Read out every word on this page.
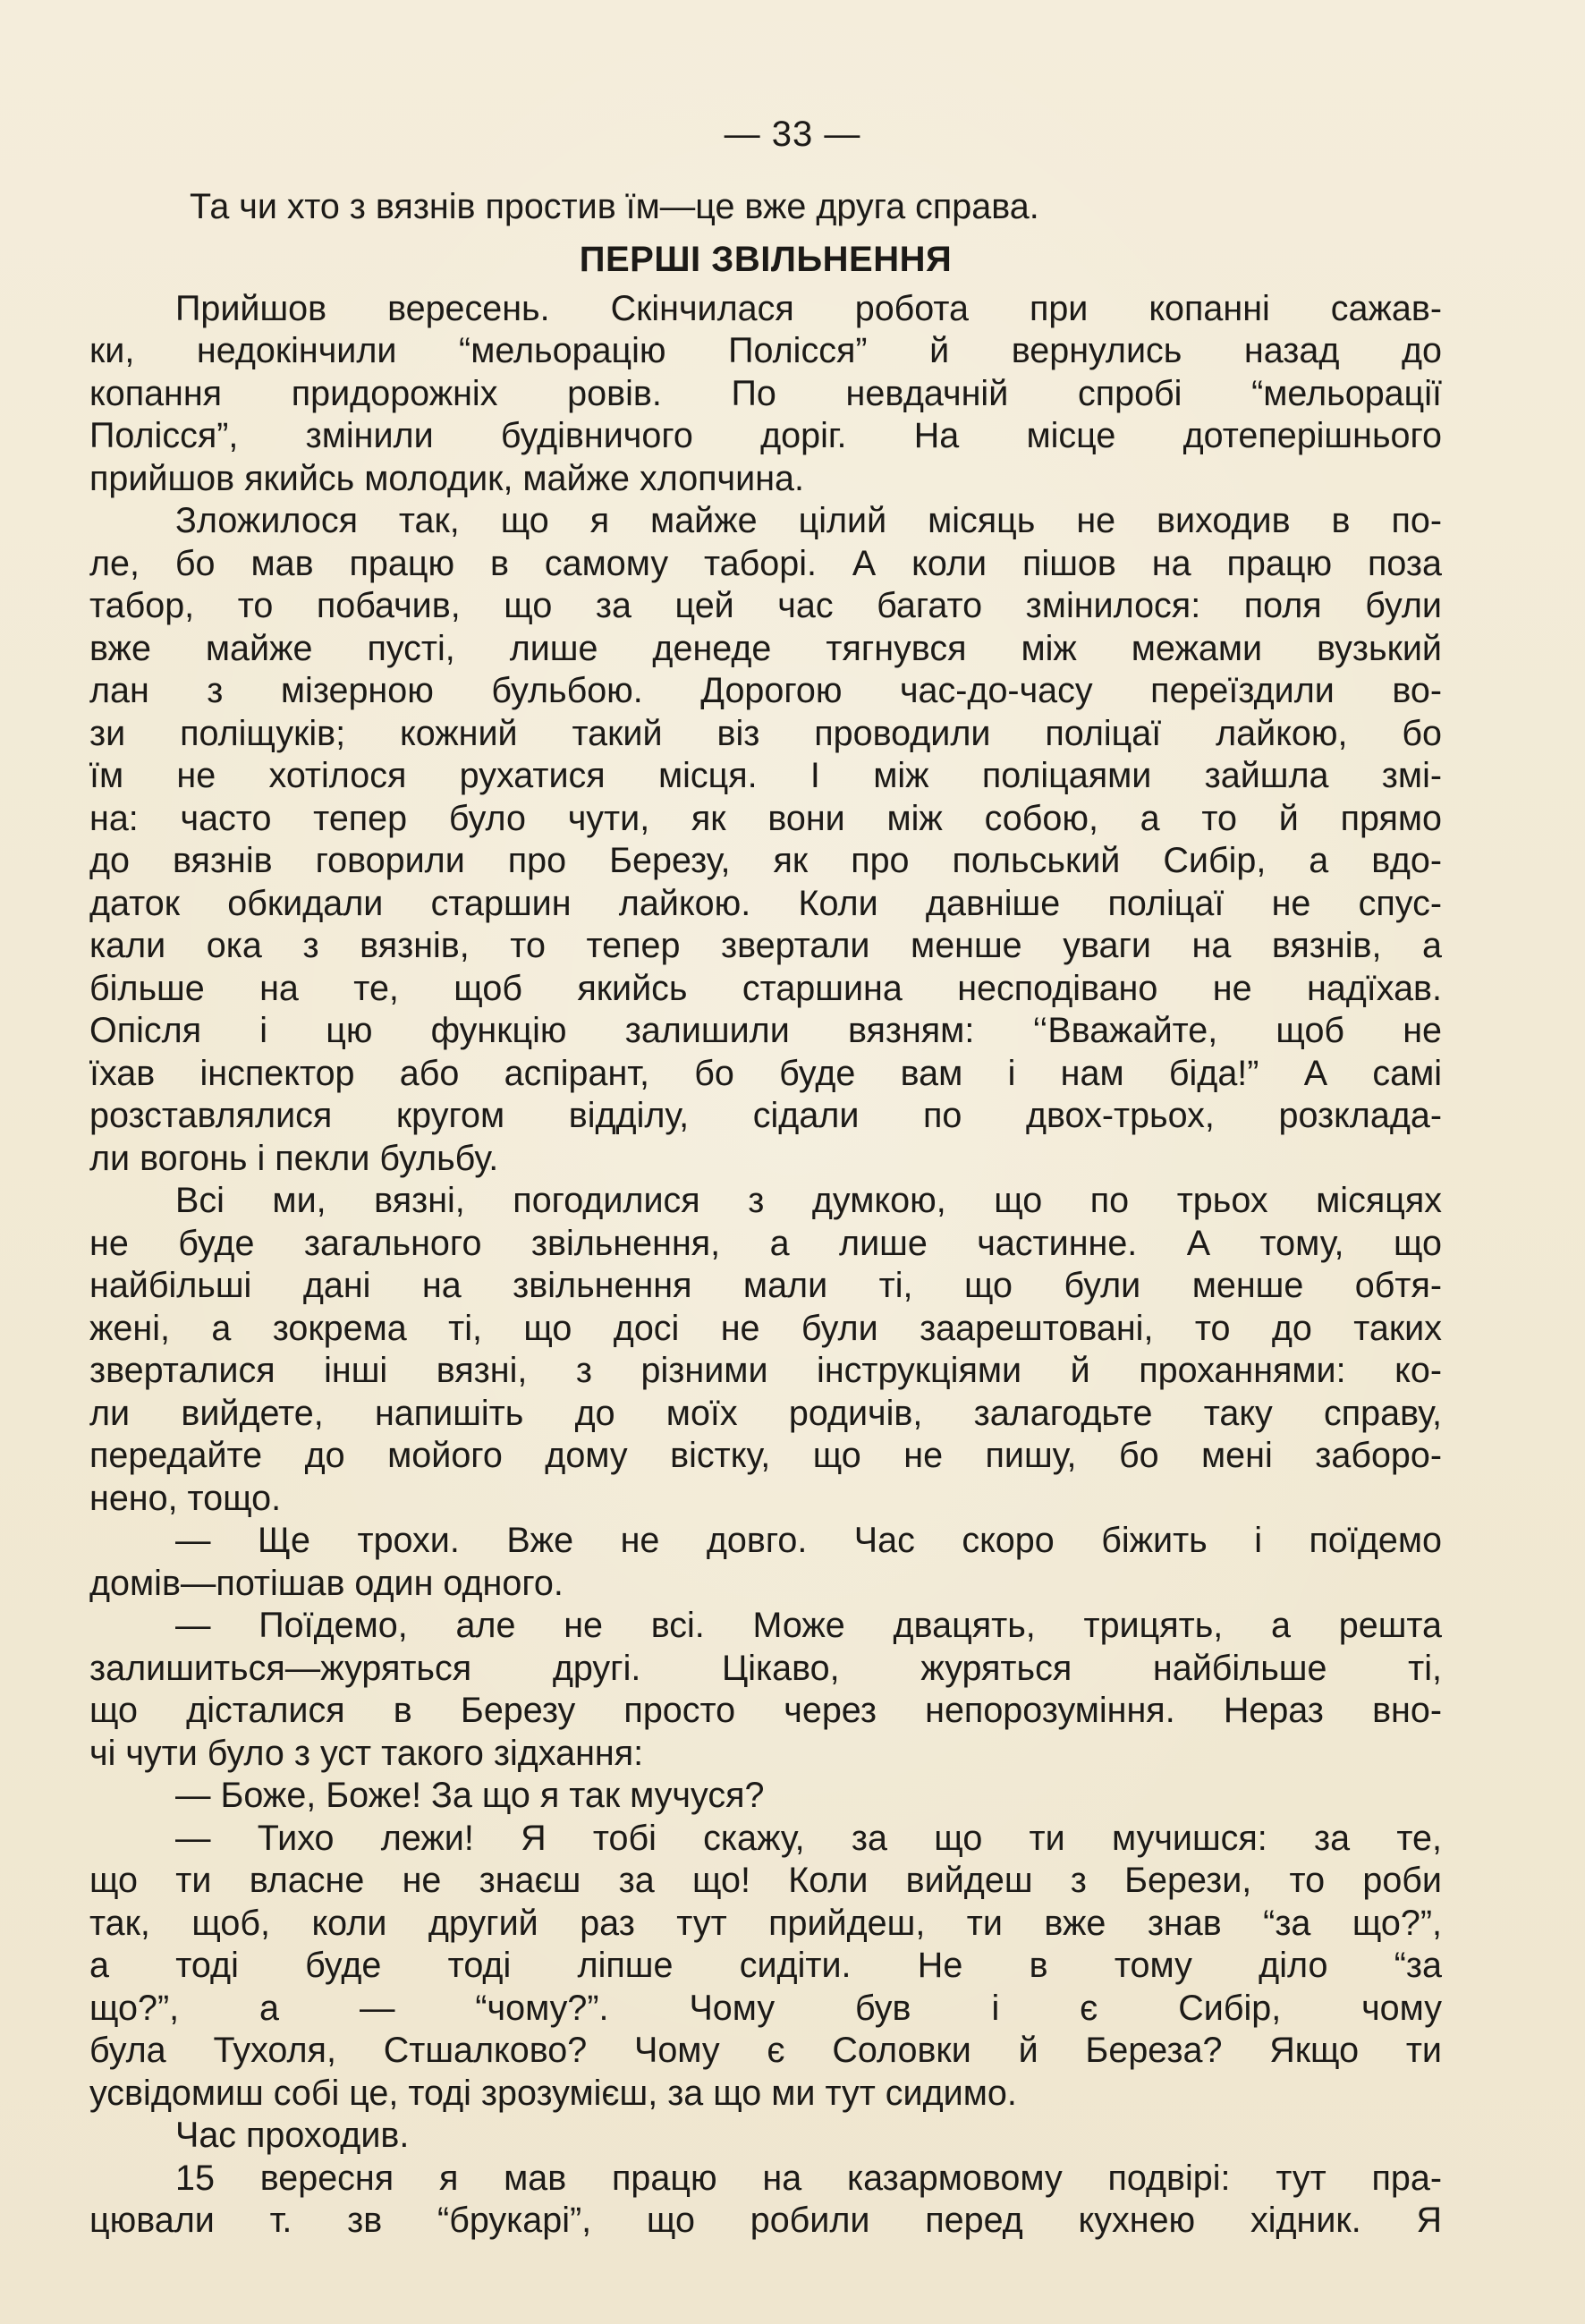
— 33 —
Та чи хто з вязнів простив їм—це вже друга справа.
ПЕРШІ ЗВІЛЬНЕННЯ
Прийшов вересень. Скінчилася робота при копанні сажав-
ки, недокінчили “мельорацію Полісся” й вернулись назад до
копання придорожніх ровів. По невдачній спробі “мельорації
Полісся”, змінили будівничого доріг. На місце дотеперішнього
прийшов якийсь молодик, майже хлопчина.
Зложилося так, що я майже цілий місяць не виходив в по-
ле, бо мав працю в самому таборі. А коли пішов на працю поза
табор, то побачив, що за цей час багато змінилося: поля були
вже майже пусті, лише денеде тягнувся між межами вузький
лан з мізерною бульбою. Дорогою час-до-часу переїздили во-
зи поліщуків; кожний такий віз проводили поліцаї лайкою, бо
їм не хотілося рухатися місця. І між поліцаями зайшла змі-
на: часто тепер було чути, як вони між собою, а то й прямо
до вязнів говорили про Березу, як про польський Сибір, а вдо-
даток обкидали старшин лайкою. Коли давніше поліцаї не спус-
кали ока з вязнів, то тепер звертали менше уваги на вязнів, а
більше на те, щоб якийсь старшина несподівано не надїхав.
Опісля і цю функцію залишили вязням: ‘‘Вважайте, щоб не
їхав інспектор або аспірант, бо буде вам і нам біда!” А самі
розставлялися кругом відділу, сідали по двох-трьох, розклада-
ли вогонь і пекли бульбу.
Всі ми, вязні, погодилися з думкою, що по трьох місяцях
не буде загального звільнення, а лише частинне. А тому, що
найбільші дані на звільнення мали ті, що були менше обтя-
жені, а зокрема ті, що досі не були заарештовані, то до таких
зверталися інші вязні, з різними інструкціями й проханнями: ко-
ли вийдете, напишіть до моїх родичів, залагодьте таку справу,
передайте до мойого дому вістку, що не пишу, бо мені заборо-
нено, тощо.
— Ще трохи. Вже не довго. Час скоро біжить і поїдемо
домів—потішав один одного.
— Поїдемо, але не всі. Може двацять, трицять, а решта
залишиться—журяться другі. Цікаво, журяться найбільше ті,
що дісталися в Березу просто через непорозуміння. Нераз вно-
чі чути було з уст такого зідхання:
— Боже, Боже! За що я так мучуся?
— Тихо лежи! Я тобі скажу, за що ти мучишся: за те,
що ти власне не знаєш за що! Коли вийдеш з Берези, то роби
так, щоб, коли другий раз тут прийдеш, ти вже знав “за що?”,
а тоді буде тоді ліпше сидіти. Не в тому діло “за
що?”, а — “чому?”. Чому був і є Сибір, чому
була Тухоля, Стшалково? Чому є Соловки й Береза? Якщо ти
усвідомиш собі це, тоді зрозумієш, за що ми тут сидимо.
Час проходив.
15 вересня я мав працю на казармовому подвірі: тут пра-
цювали т. зв “брукарі”, що робили перед кухнею хідник. Я
